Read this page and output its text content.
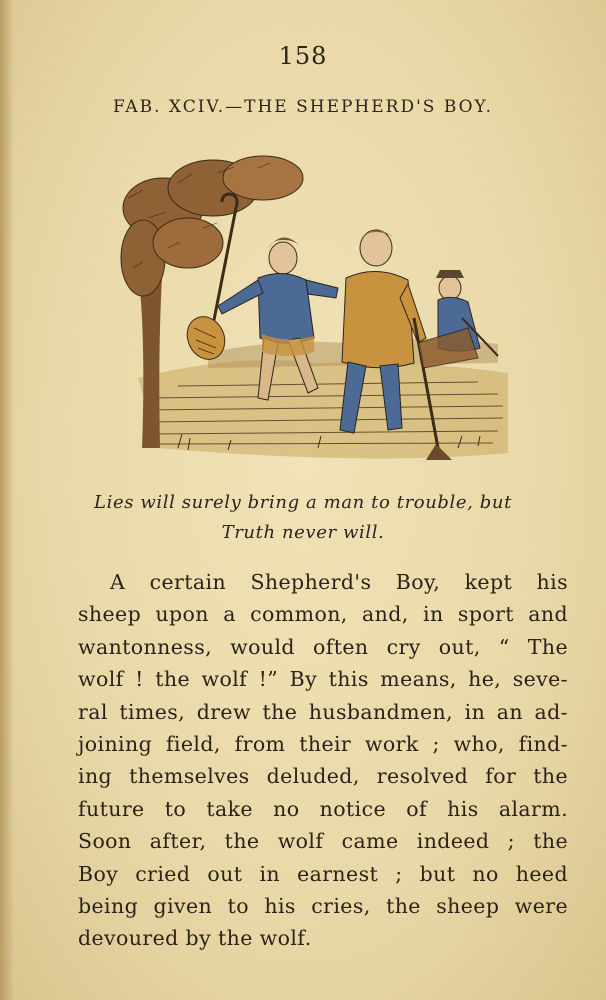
158
FAB. XCIV.—THE SHEPHERD'S BOY.
Lies will surely bring a man to trouble, but
Truth never will.
A certain Shepherd's Boy, kept his
sheep upon a common, and, in sport and
wantonness, would often cry out, “ The
wolf ! the wolf !” By this means, he, seve-
ral times, drew the husbandmen, in an ad-
joining field, from their work ; who, find-
ing themselves deluded, resolved for the
future to take no notice of his alarm.
Soon after, the wolf came indeed ; the
Boy cried out in earnest ; but no heed
being given to his cries, the sheep were
devoured by the wolf.
